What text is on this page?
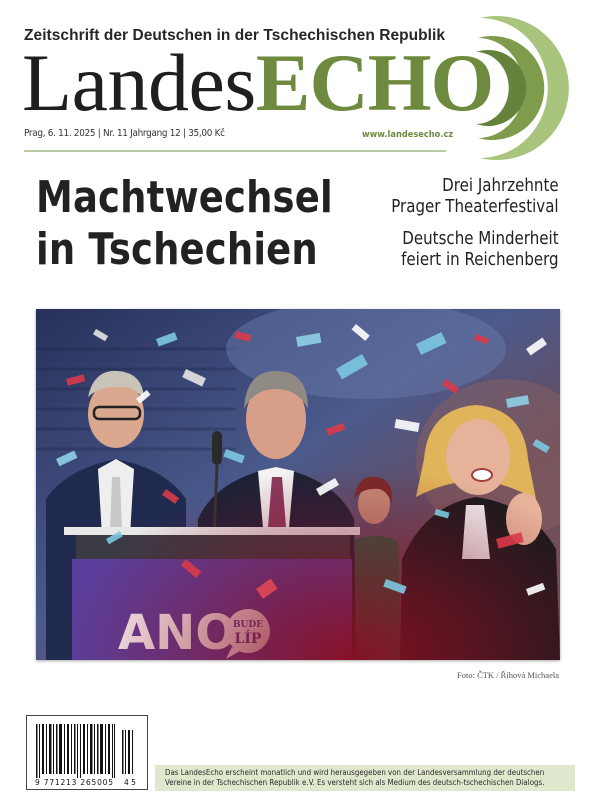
Zeitschrift der Deutschen in der Tschechischen Republik
LandesECHO
Prag, 6. 11. 2025 | Nr. 11 Jahrgang 12 | 35,00 Kč	www.landesecho.cz
Machtwechsel
in Tschechien
Drei Jahrzehnte
Prager Theaterfestival
Deutsche Minderheit
feiert in Reichenberg
Foto: ČTK / Říhová Michaela
9 771213 265005 4 5
Das LandesEcho erscheint monatlich und wird herausgegeben von der Landesversammlung der deutschen
Vereine in der Tschechischen Republik e.V. Es versteht sich als Medium des deutsch-tschechischen Dialogs.
